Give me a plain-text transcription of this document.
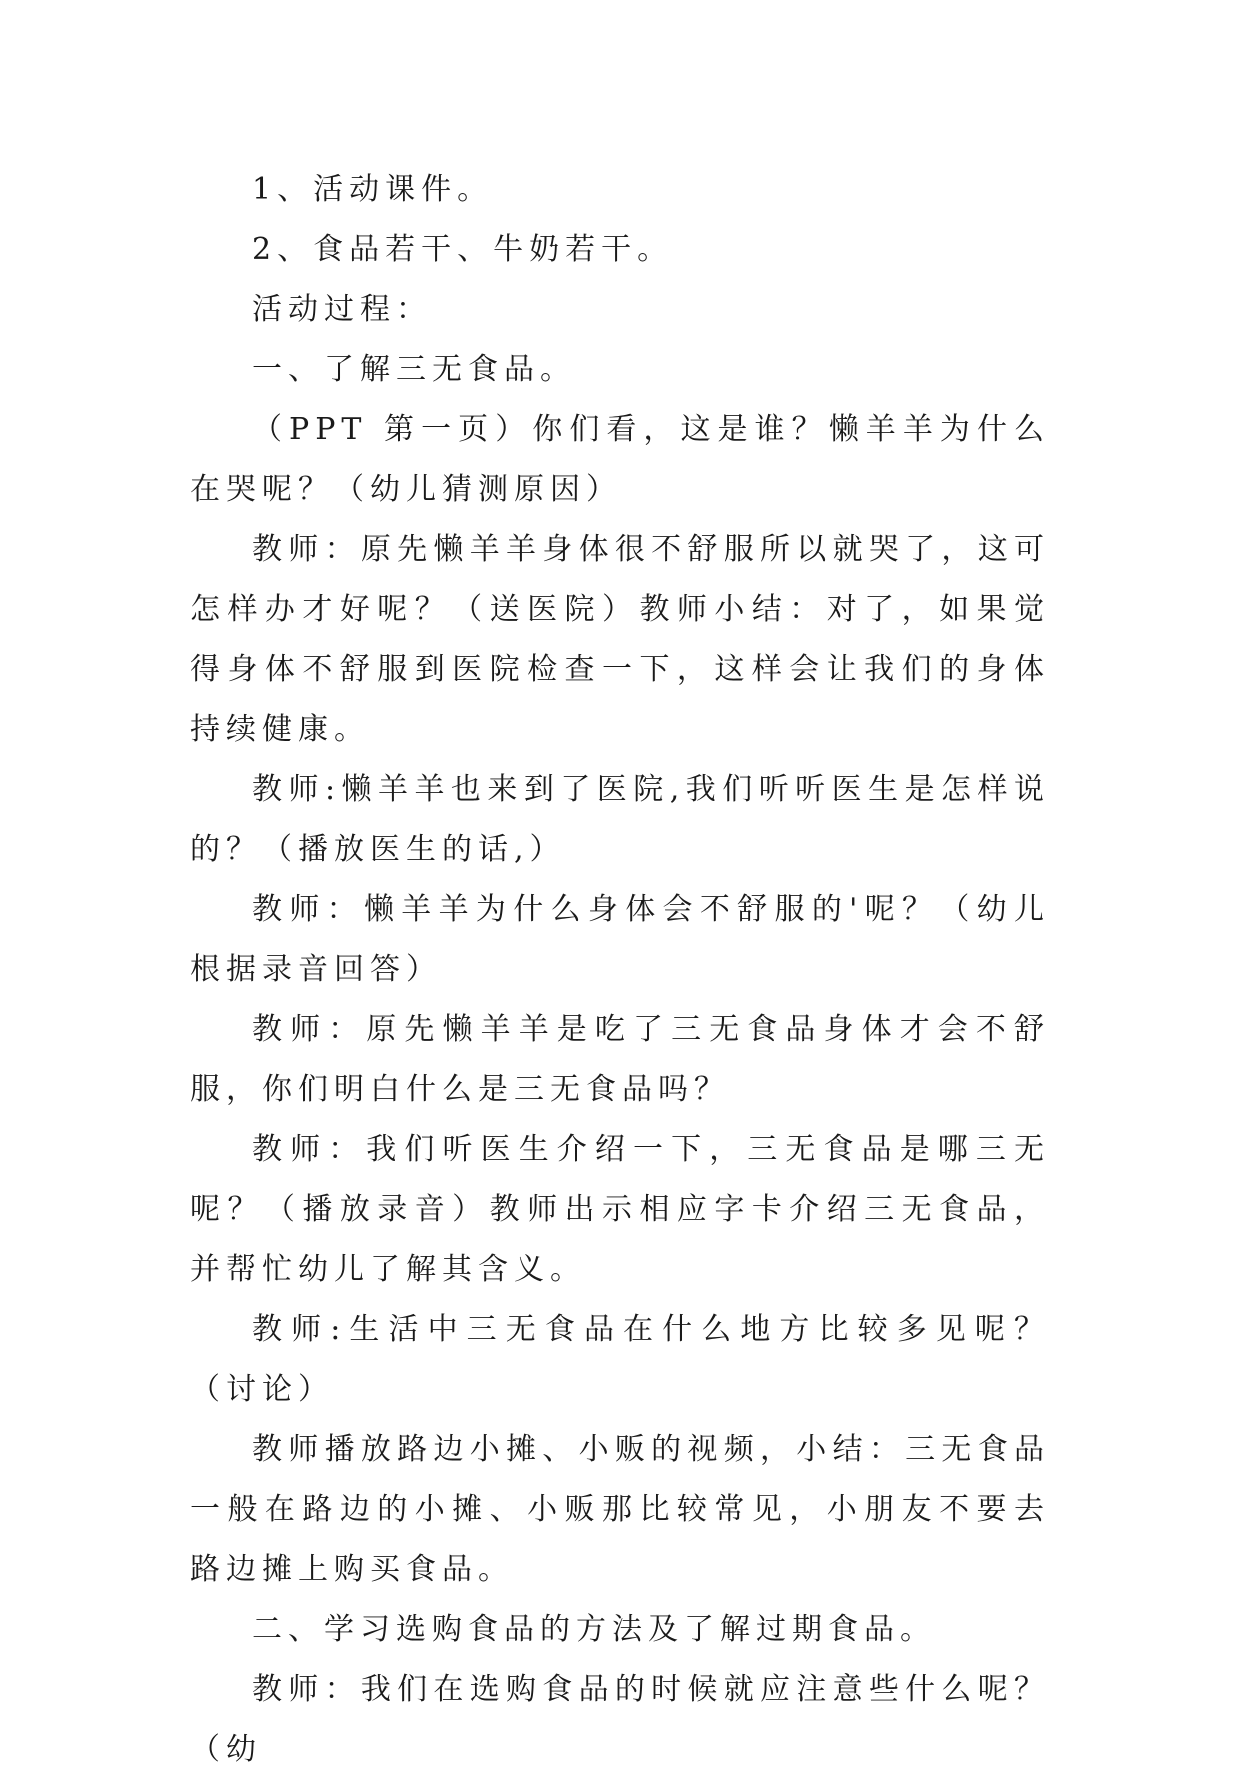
1、活动课件。

2、食品若干、牛奶若干。

活动过程：

一、了解三无食品。

（PPT 第一页）你们看，这是谁？懒羊羊为什么在哭呢？（幼儿猜测原因）

教师：原先懒羊羊身体很不舒服所以就哭了，这可怎样办才好呢？（送医院）教师小结：对了，如果觉得身体不舒服到医院检查一下，这样会让我们的身体持续健康。

教师:懒羊羊也来到了医院,我们听听医生是怎样说的？（播放医生的话,）

教师：懒羊羊为什么身体会不舒服的'呢？（幼儿根据录音回答）

教师：原先懒羊羊是吃了三无食品身体才会不舒服，你们明白什么是三无食品吗？

教师：我们听医生介绍一下，三无食品是哪三无呢？（播放录音）教师出示相应字卡介绍三无食品，并帮忙幼儿了解其含义。

教师:生活中三无食品在什么地方比较多见呢？（讨论）

教师播放路边小摊、小贩的视频，小结：三无食品一般在路边的小摊、小贩那比较常见，小朋友不要去路边摊上购买食品。

二、学习选购食品的方法及了解过期食品。

教师：我们在选购食品的时候就应注意些什么呢？（幼
